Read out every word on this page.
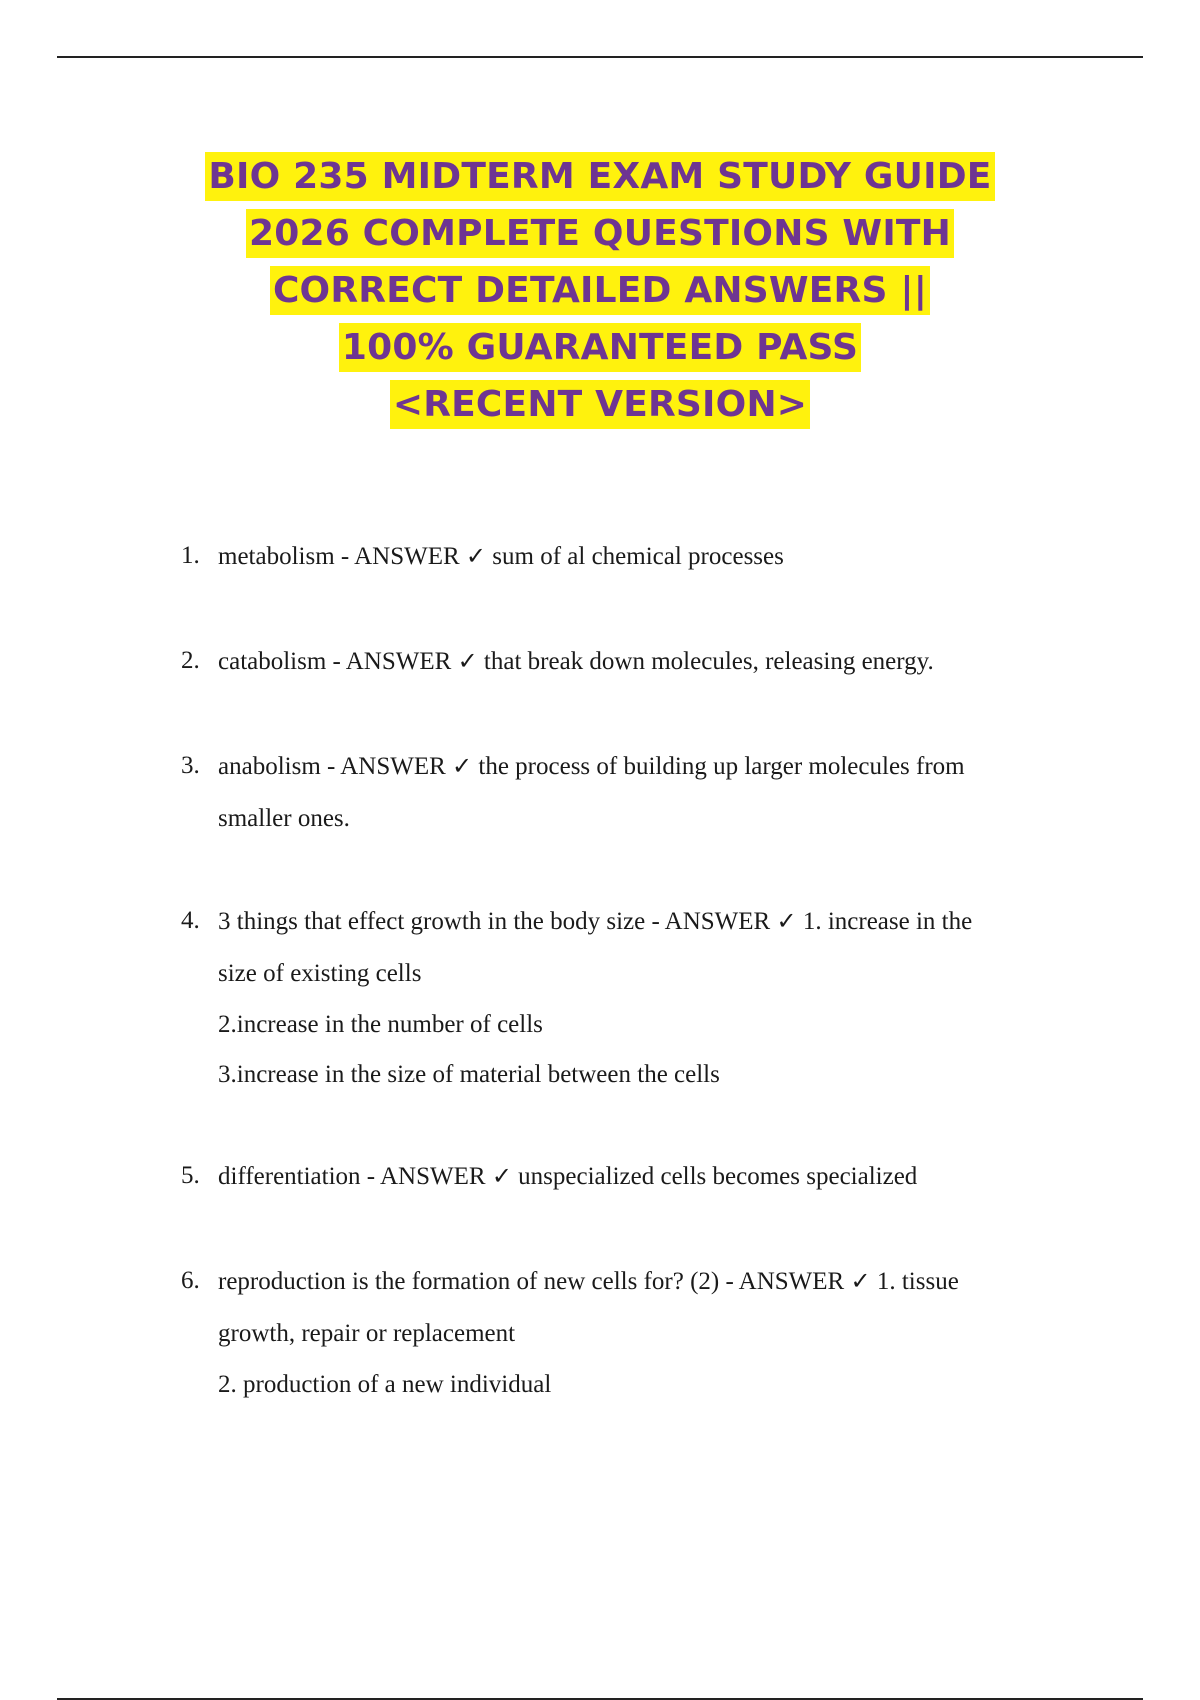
BIO 235 MIDTERM EXAM STUDY GUIDE
2026 COMPLETE QUESTIONS WITH
CORRECT DETAILED ANSWERS ||
100% GUARANTEED PASS
<RECENT VERSION>
1. metabolism - ANSWER ✓ sum of al chemical processes
2. catabolism - ANSWER ✓ that break down molecules, releasing energy.
3. anabolism - ANSWER ✓ the process of building up larger molecules from
smaller ones.
4. 3 things that effect growth in the body size - ANSWER ✓ 1. increase in the
size of existing cells
2.increase in the number of cells
3.increase in the size of material between the cells
5. differentiation - ANSWER ✓ unspecialized cells becomes specialized
6. reproduction is the formation of new cells for? (2) - ANSWER ✓ 1. tissue
growth, repair or replacement
2. production of a new individual
